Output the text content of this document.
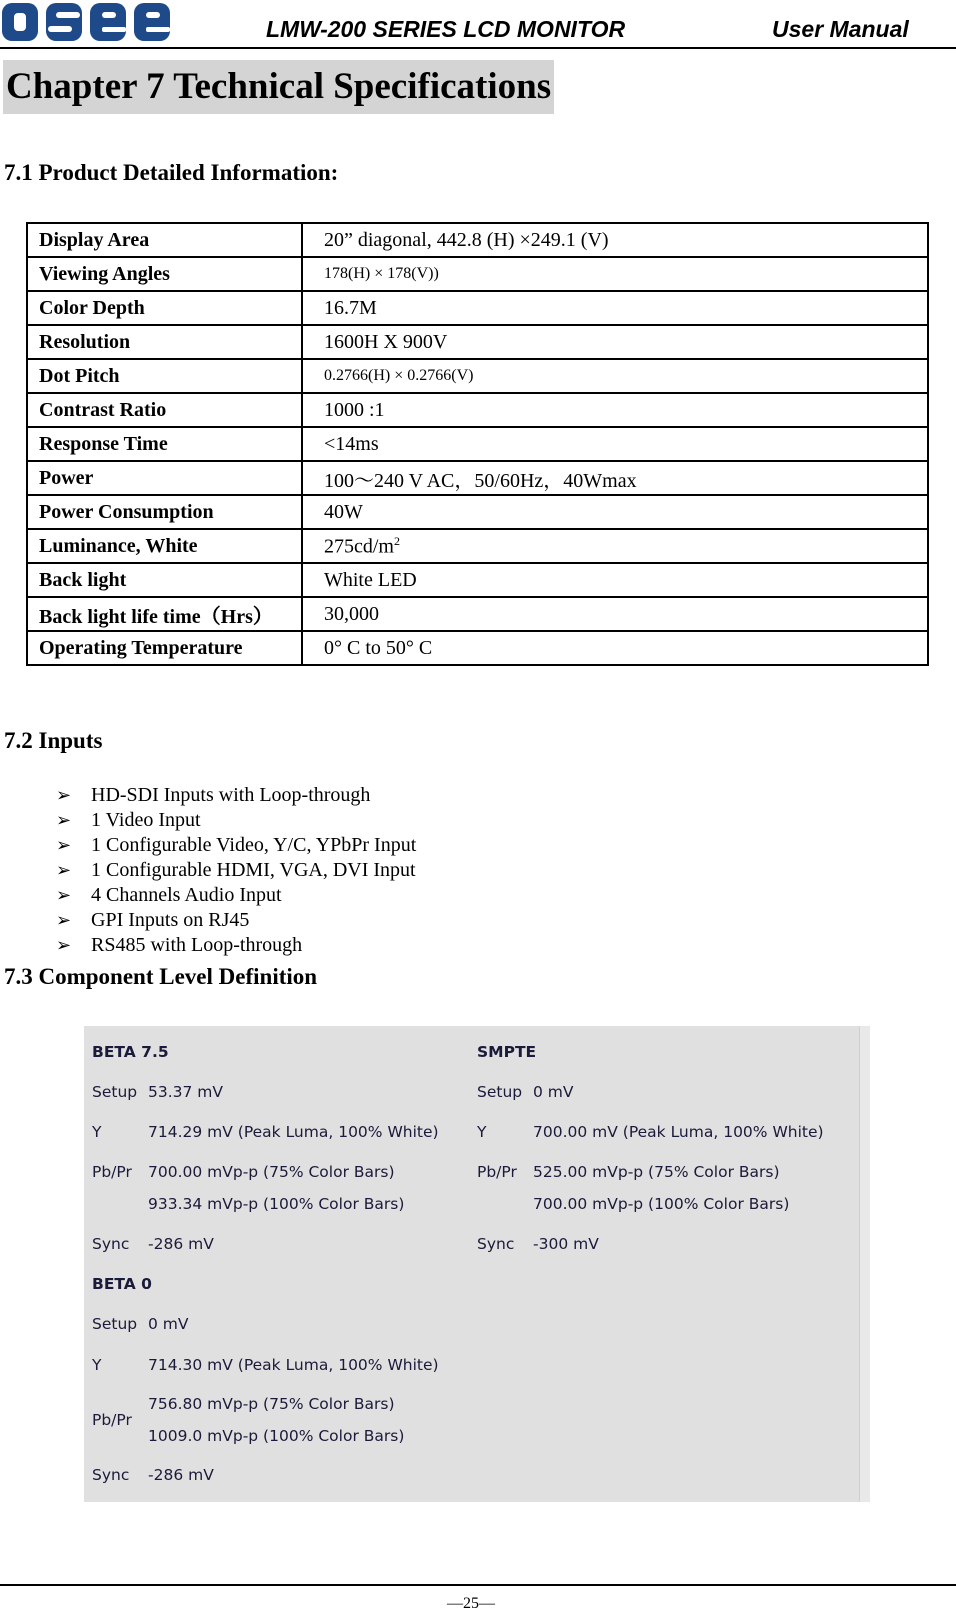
LMW-200 SERIES LCD MONITOR	User Manual
Chapter 7 Technical Specifications
7.1 Product Detailed Information:
Display Area	20” diagonal, 442.8 (H) ×249.1 (V)
Viewing Angles	178(H) × 178(V))
Color Depth	16.7M
Resolution	1600H X 900V
Dot Pitch	0.2766(H) × 0.2766(V)
Contrast Ratio	1000 :1
Response Time	<14ms
Power	100～240 V AC，50/60Hz，40Wmax
Power Consumption	40W
Luminance, White	$275cd/m^2$
Back light	White LED
Back light life time（Hrs）	30,000
Operating Temperature	0° C to 50° C
7.2 Inputs
➢ HD-SDI Inputs with Loop-through
➢ 1 Video Input
➢ 1 Configurable Video, Y/C, YPbPr Input
➢ 1 Configurable HDMI, VGA, DVI Input
➢ 4 Channels Audio Input
➢ GPI Inputs on RJ45
➢ RS485 with Loop-through
7.3 Component Level Definition
BETA 7.5
Setup 53.37 mV
Y	714.29 mV (Peak Luma, 100% White)
Pb/Pr 700.00 mVp-p (75% Color Bars)
933.34 mVp-p (100% Color Bars)
Sync -286 mV
SMPTE
Setup 0 mV
Y	700.00 mV (Peak Luma, 100% White)
Pb/Pr 525.00 mVp-p (75% Color Bars)
700.00 mVp-p (100% Color Bars)
Sync -300 mV
BETA 0
Setup 0 mV
Y	714.30 mV (Peak Luma, 100% White)
Pb/Pr
756.80 mVp-p (75% Color Bars)
1009.0 mVp-p (100% Color Bars)
Sync -286 mV
—25—
